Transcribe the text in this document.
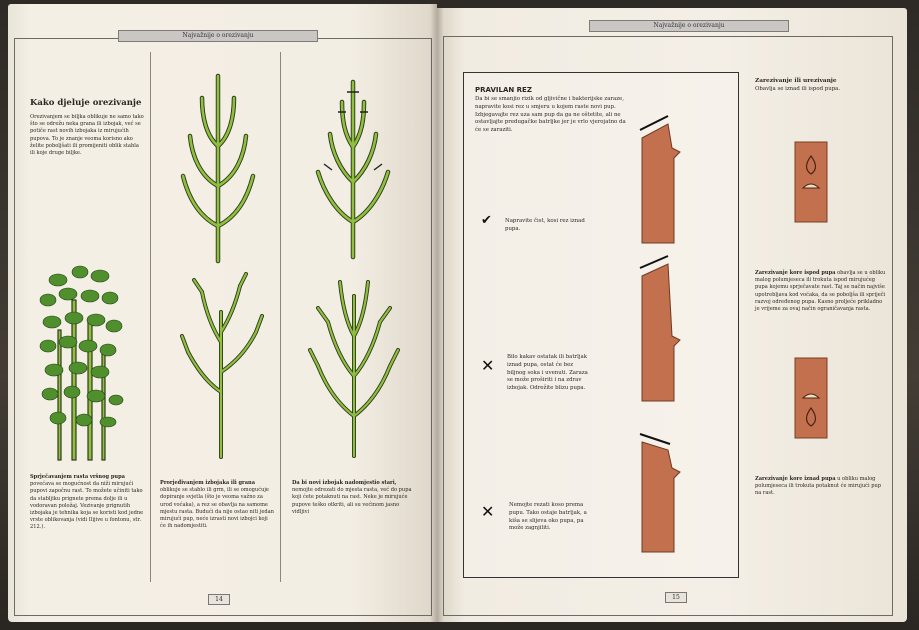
Najvažnije o orezivanju
Kako djeluje orezivanje
Orezivanjem se biljka oblikuje ne samo tako što se odrežu neka grana ili izbojak, već se potiče rast novih izbojaka iz mirujućih pupova. To je znanje veoma korisno ako želite poboljšati ili promijeniti oblik stabla ili koje druge biljke.
Sprječavanjem rasta vršnog pupa povećava se mogućnost da niži mirujući pupovi započnu rast. To možete učiniti tako da stabljiku prignete prema dolje ili u vodoravan položaj. Vezivanje prignutih izbojaka je tehnika koja se koristi kod jedne vrste oblikovanja (vidi Ilijive u fontonu, str. 212.).
Prorjeđivanjem izbojaka ili grana oblikuje se stablo ili grm, ili se omogućuje dopiranje svjetla (što je veoma važno za urod voćaka), a rez se obavlja na samome mjestu rasta. Budući da nije ostao niti jedan mirujući pup, neće izrasti novi izbojci koji će ih nadomjestiti.
Da bi novi izbojak nadomjestio stari, nemojte odrezati do mjesta rasta, već do pupa koji ćete potaknuti na rast. Neke je mirujuće pupove teško otkriti, ali su većinom jasno vidljivi
14
Najvažnije o orezivanju
PRAVILAN REZ
Da bi se smanjio rizik od gljivične i bakterijske zaraze, napravite kosi rez u smjeru u kojem raste novi pup. Izbjegavajte rez uza sam pup da ga ne oštetite, ali ne ostavljajte predugačke batrljke jer je vrlo vjerojatno da će se zaraziti.
✔ Napravite čist, kosi rez iznad pupa.
✕ Bilo kakav ostatak ili batrljak iznad pupa, ostat će bez biljnog soka i uvenuti. Zaraza se može proširiti i na zdrav izbojak. Odrežite blizu pupa.
✕	Nemojte rezati koso prema pupu. Tako ostaje batrljak, a kiša se slijeva oko pupa, pa može zagnjiliti.
Zarezivanje ili urezivanje
Obavlja se iznad ili ispod pupa.
Zarezivanje kore ispod pupa obavlja se u obliku malog polumjeseca ili trokuta ispod mirujućeg pupa kojemu sprječavate rast. Taj se način najviše upotrebljava kod voćaka, da se poboljša ili spriječi razvoj određenog pupa. Kasno proljeće prikladno je vrijeme za ovaj način ograničavanja rasta.
Zarezivanje kore iznad pupa u obliku malog polumjeseca ili trokuta potaknut će mirujući pup na rast.
15
